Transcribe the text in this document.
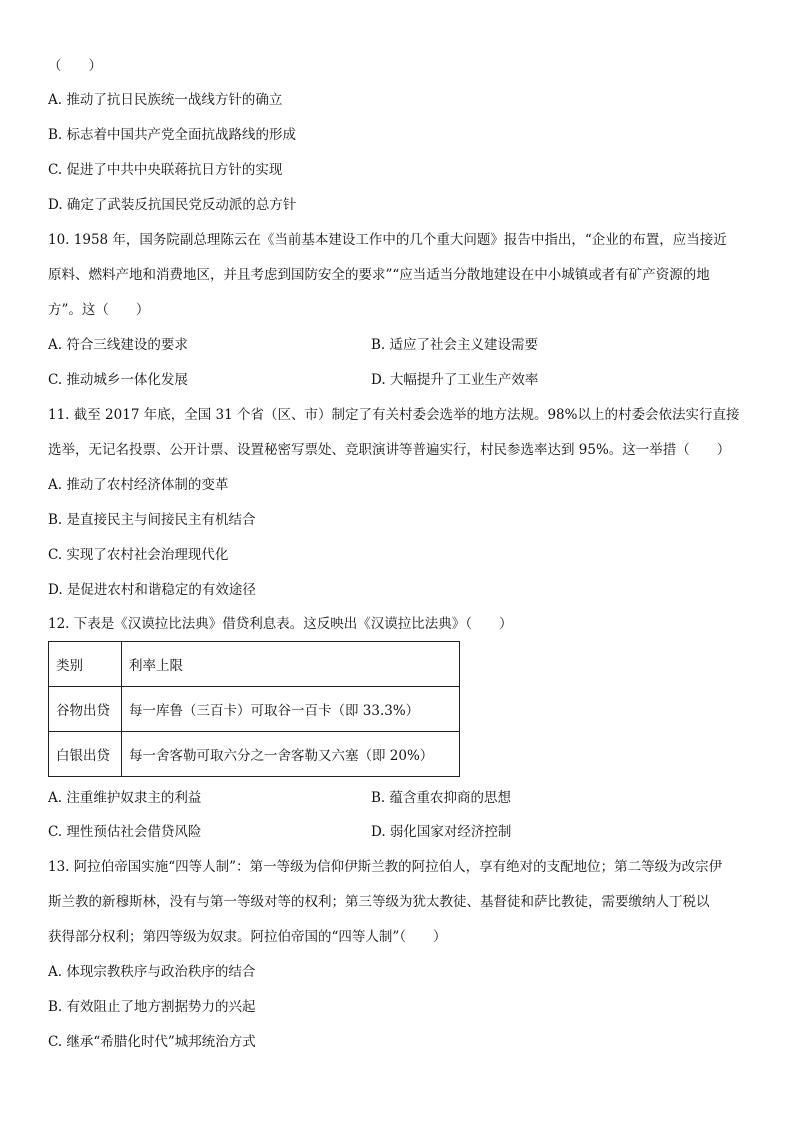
（　　）
A. 推动了抗日民族统一战线方针的确立
B. 标志着中国共产党全面抗战路线的形成
C. 促进了中共中央联蒋抗日方针的实现
D. 确定了武装反抗国民党反动派的总方针
10. 1958 年，国务院副总理陈云在《当前基本建设工作中的几个重大问题》报告中指出，“企业的布置，应当接近
原料、燃料产地和消费地区，并且考虑到国防安全的要求”“应当适当分散地建设在中小城镇或者有矿产资源的地
方”。这（　　）
A. 符合三线建设的要求	B. 适应了社会主义建设需要
C. 推动城乡一体化发展	D. 大幅提升了工业生产效率
11. 截至 2017 年底，全国 31 个省（区、市）制定了有关村委会选举的地方法规。98%以上的村委会依法实行直接
选举，无记名投票、公开计票、设置秘密写票处、竞职演讲等普遍实行，村民参选率达到 95%。这一举措（　　）
A. 推动了农村经济体制的变革
B. 是直接民主与间接民主有机结合
C. 实现了农村社会治理现代化
D. 是促进农村和谐稳定的有效途径
12. 下表是《汉谟拉比法典》借贷利息表。这反映出《汉谟拉比法典》（　　）
类别	利率上限
谷物出贷	每一库鲁（三百卡）可取谷一百卡（即 33.3%）
白银出贷	每一舍客勒可取六分之一舍客勒又六塞（即 20%）
A. 注重维护奴隶主的利益	B. 蕴含重农抑商的思想
C. 理性预估社会借贷风险	D. 弱化国家对经济控制
13. 阿拉伯帝国实施“四等人制”：第一等级为信仰伊斯兰教的阿拉伯人，享有绝对的支配地位；第二等级为改宗伊
斯兰教的新穆斯林，没有与第一等级对等的权利；第三等级为犹太教徒、基督徒和萨比教徒，需要缴纳人丁税以
获得部分权利；第四等级为奴隶。阿拉伯帝国的“四等人制”（　　）
A. 体现宗教秩序与政治秩序的结合
B. 有效阻止了地方割据势力的兴起
C. 继承“希腊化时代”城邦统治方式
